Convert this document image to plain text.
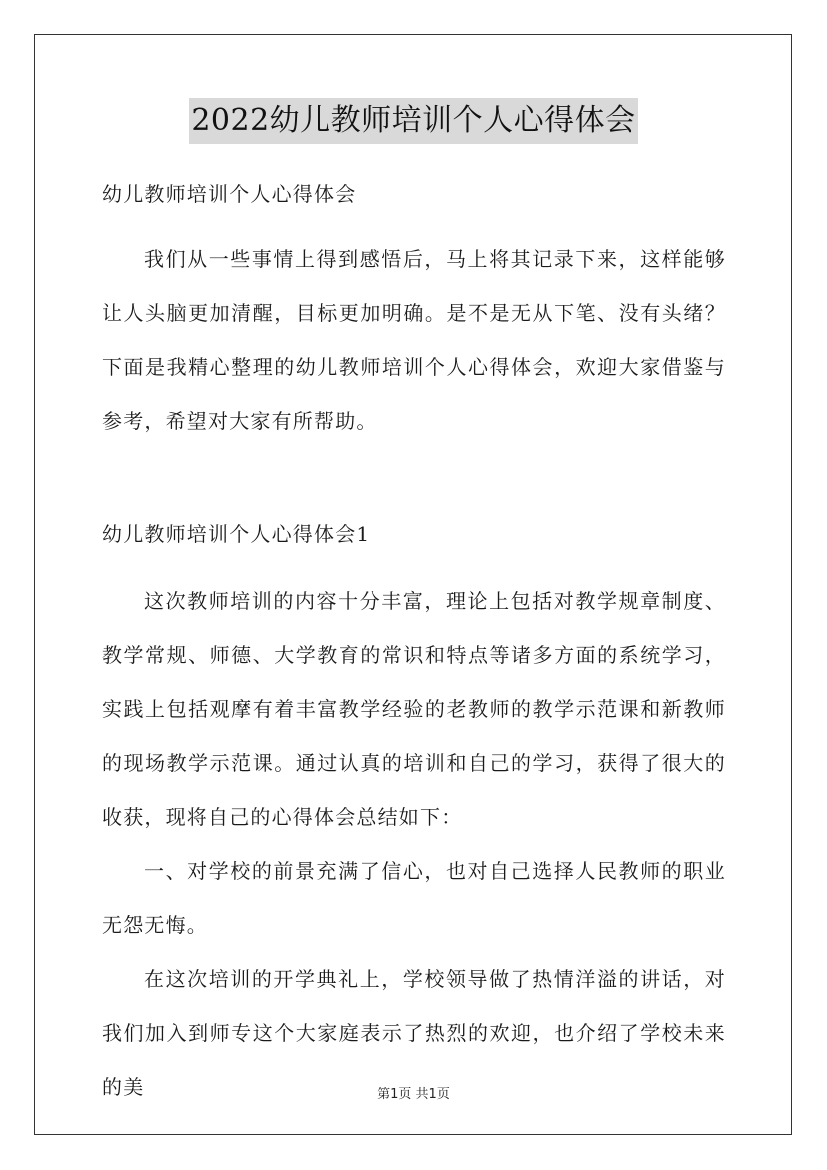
2022幼儿教师培训个人心得体会

幼儿教师培训个人心得体会

我们从一些事情上得到感悟后，马上将其记录下来，这样能够让人头脑更加清醒，目标更加明确。是不是无从下笔、没有头绪？下面是我精心整理的幼儿教师培训个人心得体会，欢迎大家借鉴与参考，希望对大家有所帮助。

幼儿教师培训个人心得体会1

这次教师培训的内容十分丰富，理论上包括对教学规章制度、教学常规、师德、大学教育的常识和特点等诸多方面的系统学习，实践上包括观摩有着丰富教学经验的老教师的教学示范课和新教师的现场教学示范课。通过认真的培训和自己的学习，获得了很大的收获，现将自己的心得体会总结如下：

一、对学校的前景充满了信心，也对自己选择人民教师的职业无怨无悔。

在这次培训的开学典礼上，学校领导做了热情洋溢的讲话，对我们加入到师专这个大家庭表示了热烈的欢迎，也介绍了学校未来的美	第1页 共1页
